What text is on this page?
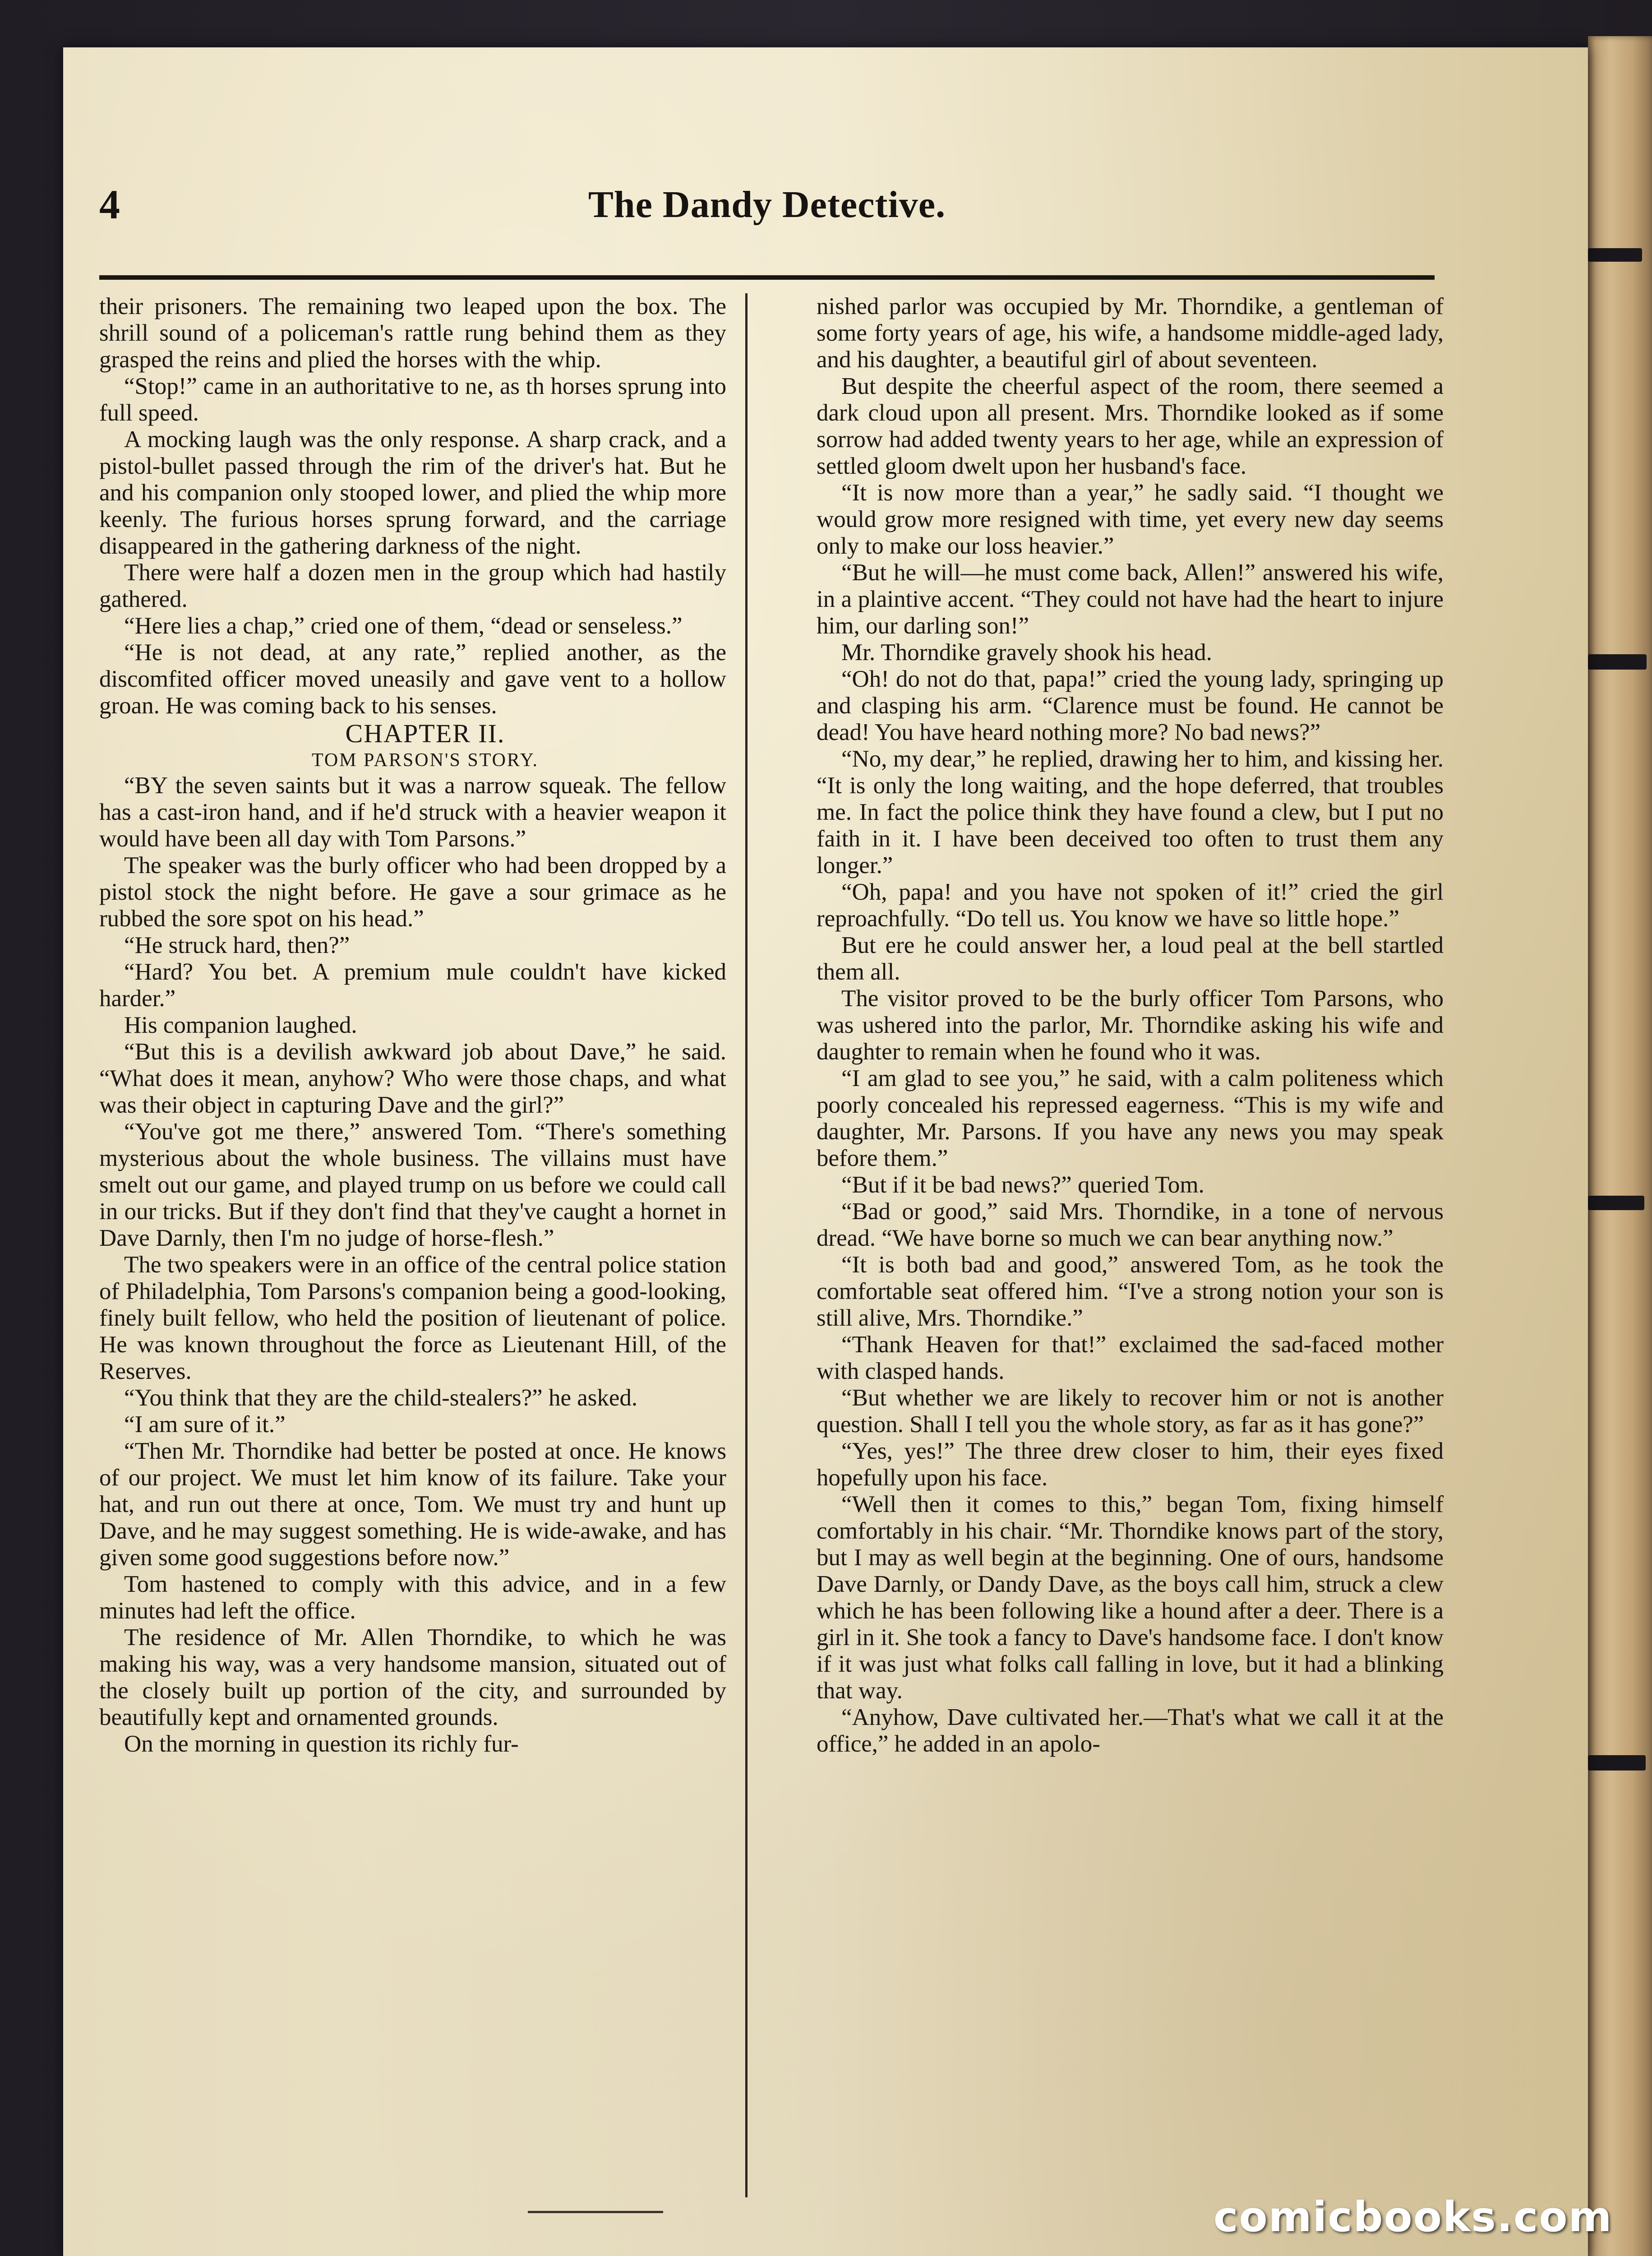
4	The Dandy Detective.

their prisoners. The remaining two leaped upon the box. The shrill sound of a policeman's rattle rung behind them as they grasped the reins and plied the horses with the whip.

“Stop!” came in an authoritative to ne, as th horses sprung into full speed.

A mocking laugh was the only response. A sharp crack, and a pistol-bullet passed through the rim of the driver's hat. But he and his companion only stooped lower, and plied the whip more keenly. The furious horses sprung forward, and the carriage disappeared in the gathering darkness of the night.

There were half a dozen men in the group which had hastily gathered.

“Here lies a chap,” cried one of them, “dead or senseless.”

“He is not dead, at any rate,” replied another, as the discomfited officer moved uneasily and gave vent to a hollow groan. He was coming back to his senses.

CHAPTER II.

TOM PARSON'S STORY.

“BY the seven saints but it was a narrow squeak. The fellow has a cast-iron hand, and if he'd struck with a heavier weapon it would have been all day with Tom Parsons.”

The speaker was the burly officer who had been dropped by a pistol stock the night before. He gave a sour grimace as he rubbed the sore spot on his head.”

“He struck hard, then?”

“Hard? You bet. A premium mule couldn't have kicked harder.”

His companion laughed.

“But this is a devilish awkward job about Dave,” he said. “What does it mean, anyhow? Who were those chaps, and what was their object in capturing Dave and the girl?”

“You've got me there,” answered Tom. “There's something mysterious about the whole business. The villains must have smelt out our game, and played trump on us before we could call in our tricks. But if they don't find that they've caught a hornet in Dave Darnly, then I'm no judge of horse-flesh.”

The two speakers were in an office of the central police station of Philadelphia, Tom Parsons's companion being a good-looking, finely built fellow, who held the position of lieutenant of police. He was known throughout the force as Lieutenant Hill, of the Reserves.

“You think that they are the child-stealers?” he asked.

“I am sure of it.”

“Then Mr. Thorndike had better be posted at once. He knows of our project. We must let him know of its failure. Take your hat, and run out there at once, Tom. We must try and hunt up Dave, and he may suggest something. He is wide-awake, and has given some good suggestions before now.”

Tom hastened to comply with this advice, and in a few minutes had left the office.

The residence of Mr. Allen Thorndike, to which he was making his way, was a very handsome mansion, situated out of the closely built up portion of the city, and surrounded by beautifully kept and ornamented grounds.

On the morning in question its richly fur-

nished parlor was occupied by Mr. Thorndike, a gentleman of some forty years of age, his wife, a handsome middle-aged lady, and his daughter, a beautiful girl of about seventeen.

But despite the cheerful aspect of the room, there seemed a dark cloud upon all present. Mrs. Thorndike looked as if some sorrow had added twenty years to her age, while an expression of settled gloom dwelt upon her husband's face.

“It is now more than a year,” he sadly said. “I thought we would grow more resigned with time, yet every new day seems only to make our loss heavier.”

“But he will—he must come back, Allen!” answered his wife, in a plaintive accent. “They could not have had the heart to injure him, our darling son!”

Mr. Thorndike gravely shook his head.

“Oh! do not do that, papa!” cried the young lady, springing up and clasping his arm. “Clarence must be found. He cannot be dead! You have heard nothing more? No bad news?”

“No, my dear,” he replied, drawing her to him, and kissing her. “It is only the long waiting, and the hope deferred, that troubles me. In fact the police think they have found a clew, but I put no faith in it. I have been deceived too often to trust them any longer.”

“Oh, papa! and you have not spoken of it!” cried the girl reproachfully. “Do tell us. You know we have so little hope.”

But ere he could answer her, a loud peal at the bell startled them all.

The visitor proved to be the burly officer Tom Parsons, who was ushered into the parlor, Mr. Thorndike asking his wife and daughter to remain when he found who it was.

“I am glad to see you,” he said, with a calm politeness which poorly concealed his repressed eagerness. “This is my wife and daughter, Mr. Parsons. If you have any news you may speak before them.”

“But if it be bad news?” queried Tom.

“Bad or good,” said Mrs. Thorndike, in a tone of nervous dread. “We have borne so much we can bear anything now.”

“It is both bad and good,” answered Tom, as he took the comfortable seat offered him. “I've a strong notion your son is still alive, Mrs. Thorndike.”

“Thank Heaven for that!” exclaimed the sad-faced mother with clasped hands.

“But whether we are likely to recover him or not is another question. Shall I tell you the whole story, as far as it has gone?”

“Yes, yes!” The three drew closer to him, their eyes fixed hopefully upon his face.

“Well then it comes to this,” began Tom, fixing himself comfortably in his chair. “Mr. Thorndike knows part of the story, but I may as well begin at the beginning. One of ours, handsome Dave Darnly, or Dandy Dave, as the boys call him, struck a clew which he has been following like a hound after a deer. There is a girl in it. She took a fancy to Dave's handsome face. I don't know if it was just what folks call falling in love, but it had a blinking that way.

“Anyhow, Dave cultivated her.—That's what we call it at the office,” he added in an apolo-

comicbooks.com
